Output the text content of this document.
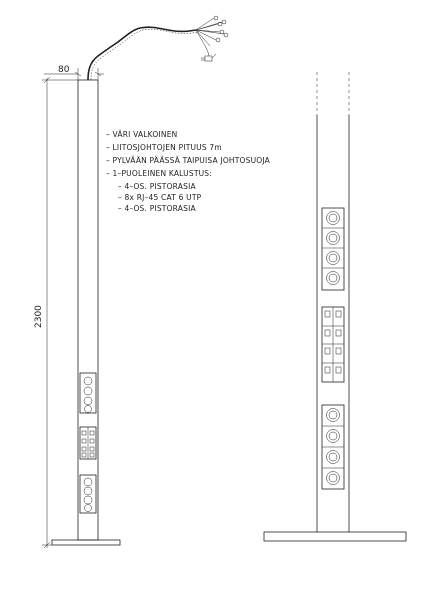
80
2300
– VÄRI VALKOINEN
– LIITOSJOHTOJEN PITUUS 7m
– PYLVÄÄN PÄÄSSÄ TAIPUISA JOHTOSUOJA
– 1–PUOLEINEN KALUSTUS:
– 4–OS. PISTORASIA
– 8x RJ–45 CAT 6 UTP
– 4–OS. PISTORASIA
